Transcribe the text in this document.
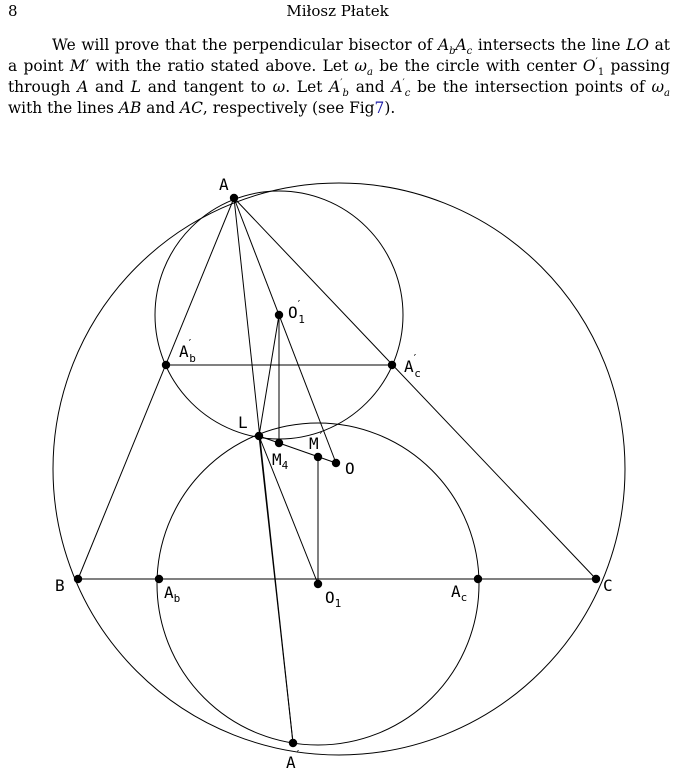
8	Miłosz Płatek

We will prove that the perpendicular bisector of $A_bA_c$ intersects the line LO at a point M′ with the ratio stated above. Let $\omega_a$ be the circle with center $O'_1$ passing through A and L and tangent to ω. Let $A'_b$ and $A'_c$ be the intersection points of $\omega_a$ with the lines AB and AC, respectively (see Fig7).

A
B	C
L
O
O′ 1
A′ b	A′ c
M′
$M_4$
$A_b$	$O_1$
$A_c$
A′
